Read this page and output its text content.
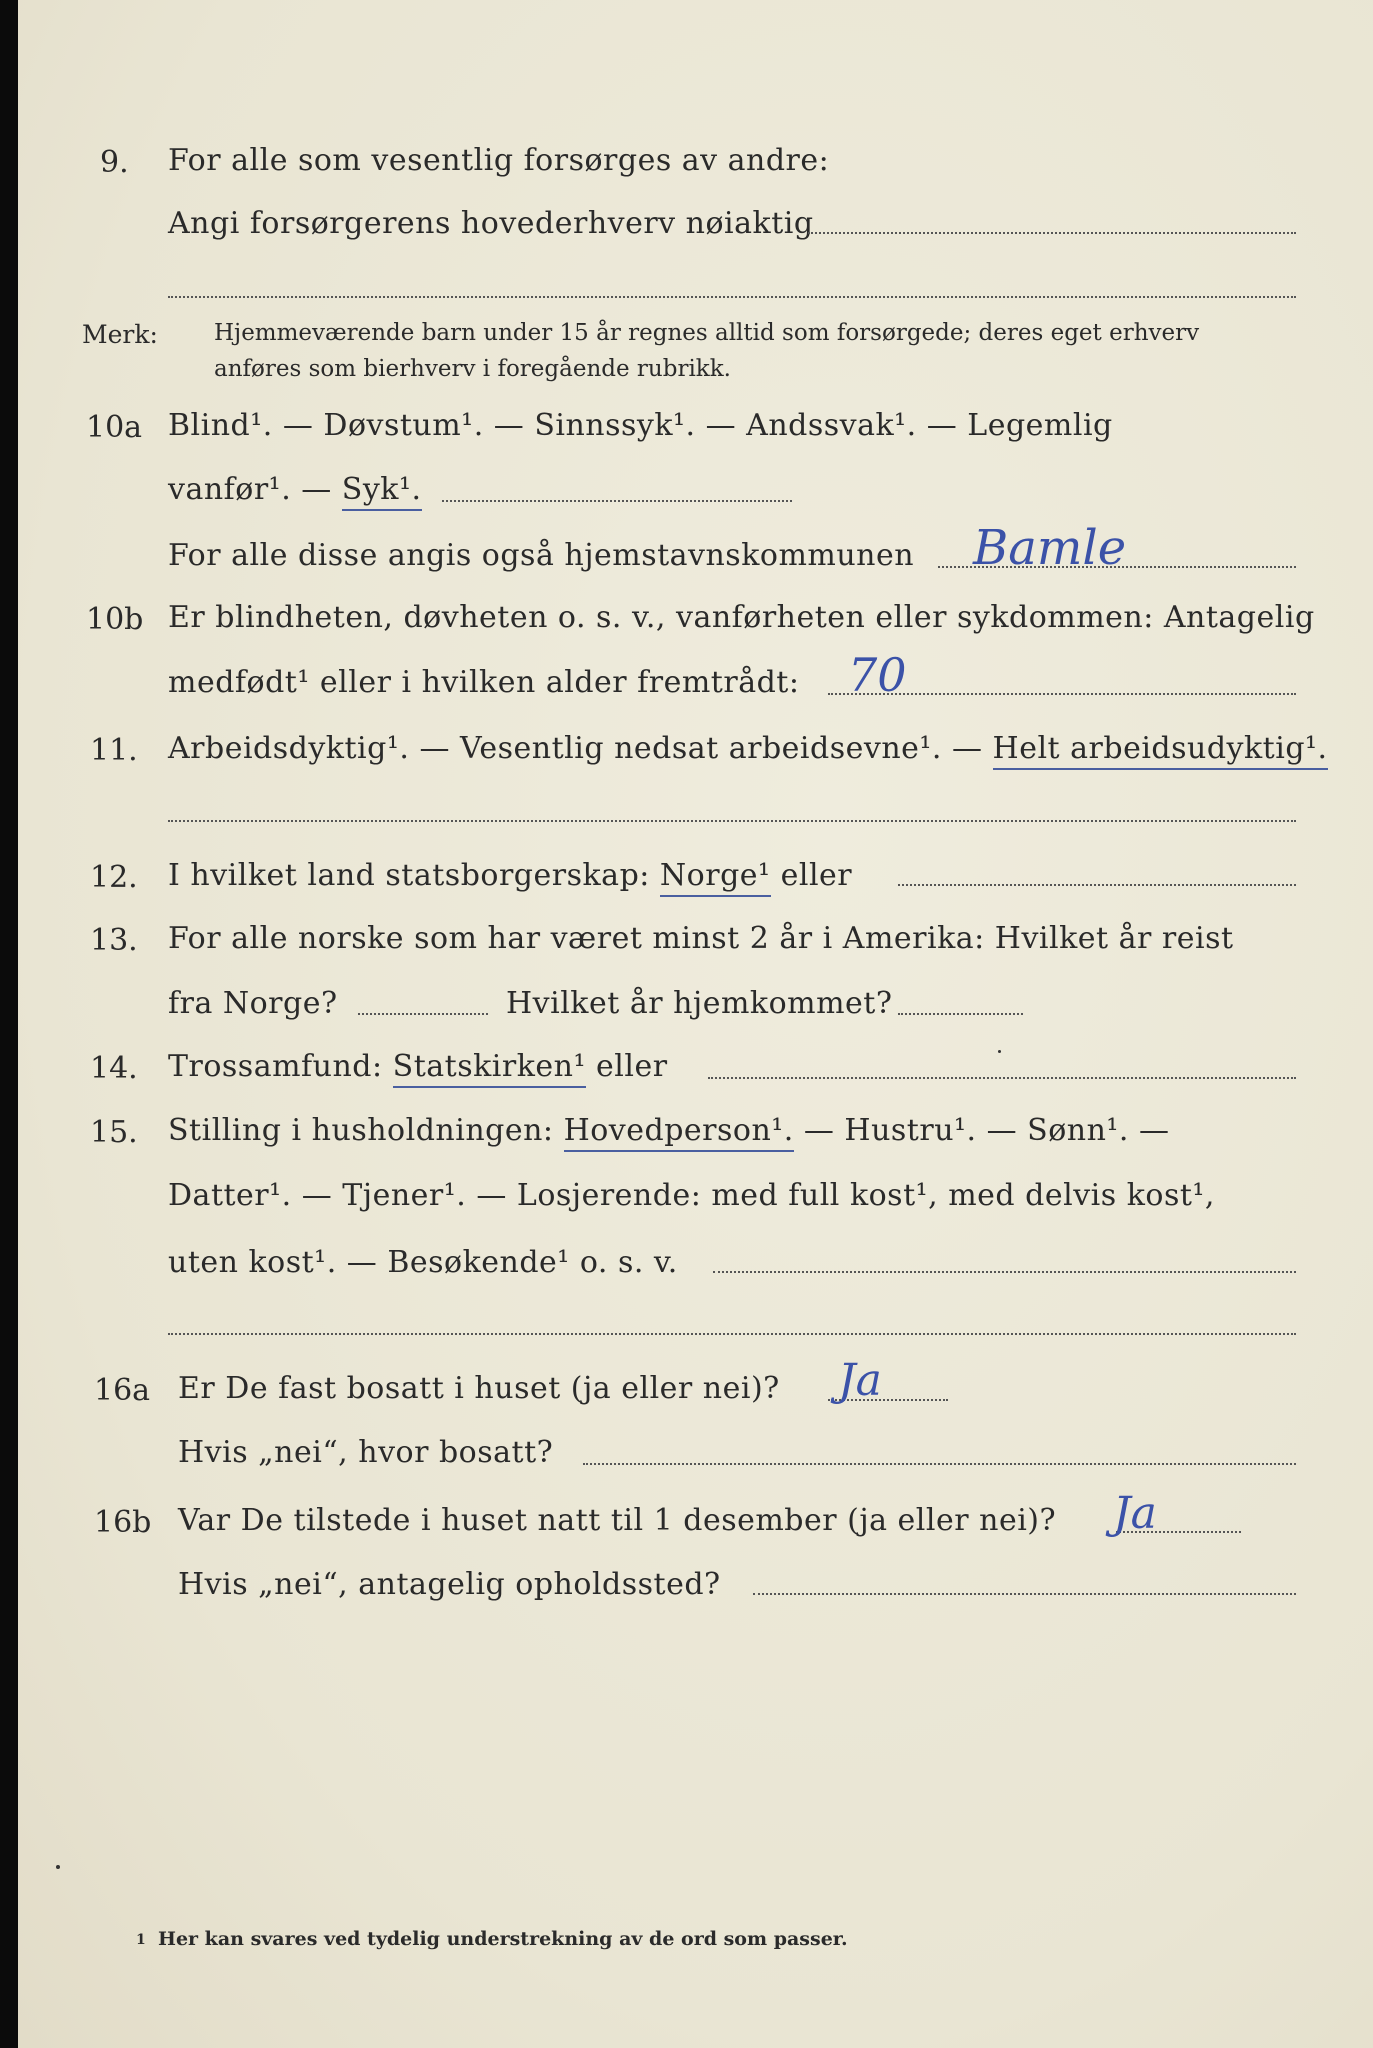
9. For alle som vesentlig forsørges av andre:
Angi forsørgerens hovederhverv nøiaktig
Merk: Hjemmeværende barn under 15 år regnes alltid som forsørgede; deres eget erhverv
anføres som bierhverv i foregående rubrikk.
10a Blind¹. — Døvstum¹. — Sinnssyk¹. — Andssvak¹. — Legemlig
vanfør¹. — Syk¹.
For alle disse angis også hjemstavnskommunen Bamle
10b Er blindheten, døvheten o. s. v., vanførheten eller sykdommen: Antagelig
medfødt¹ eller i hvilken alder fremtrådt: 70
11. Arbeidsdyktig¹. — Vesentlig nedsat arbeidsevne¹. — Helt arbeidsudyktig¹.
12. I hvilket land statsborgerskap: Norge¹ eller
13. For alle norske som har været minst 2 år i Amerika: Hvilket år reist
fra Norge?	Hvilket år hjemkommet?
14. Trossamfund: Statskirken¹ eller
15. Stilling i husholdningen: Hovedperson¹. — Hustru¹. — Sønn¹. —
Datter¹. — Tjener¹. — Losjerende: med full kost¹, med delvis kost¹,
uten kost¹. — Besøkende¹ o. s. v.
16a Er De fast bosatt i huset (ja eller nei)? Ja
Hvis „nei“, hvor bosatt?
16b Var De tilstede i huset natt til 1 desember (ja eller nei)? Ja
Hvis „nei“, antagelig opholdssted?
1 Her kan svares ved tydelig understrekning av de ord som passer.
